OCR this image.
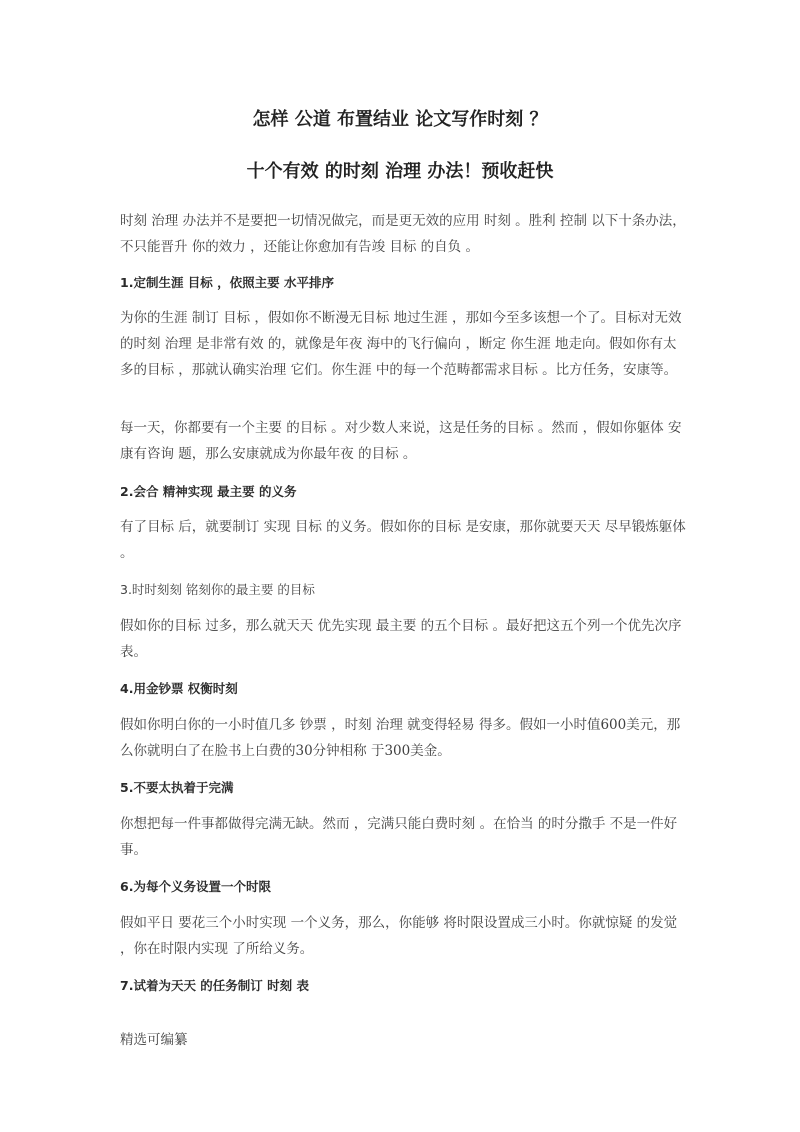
怎样 公道 布置结业 论文写作时刻 ？
十个有效 的时刻 治理 办法！预收赶快
时刻 治理 办法并不是要把一切情况做完，而是更无效的应用 时刻 。胜利 控制 以下十条办法，不只能晋升 你的效力 ，还能让你愈加有告竣 目标 的自负 。
1.定制生涯 目标 ，依照主要 水平排序
为你的生涯 制订 目标 ，假如你不断漫无目标 地过生涯 ，那如今至多该想一个了。目标对无效的时刻 治理 是非常有效 的，就像是年夜 海中的飞行偏向 ，断定 你生涯 地走向。假如你有太多的目标 ，那就认确实治理 它们。你生涯 中的每一个范畴都需求目标 。比方任务，安康等。
每一天，你都要有一个主要 的目标 。对少数人来说，这是任务的目标 。然而 ，假如你躯体 安康有咨询 题，那么安康就成为你最年夜 的目标 。
2.会合 精神实现 最主要 的义务
有了目标 后，就要制订 实现 目标 的义务。假如你的目标 是安康，那你就要天天 尽早锻炼躯体 。
3.时时刻刻 铭刻你的最主要 的目标
假如你的目标 过多，那么就天天 优先实现 最主要 的五个目标 。最好把这五个列一个优先次序 表。
4.用金钞票 权衡时刻
假如你明白你的一小时值几多 钞票 ，时刻 治理 就变得轻易 得多。假如一小时值600美元，那么你就明白了在脸书上白费的30分钟相称 于300美金。
5.不要太执着于完满
你想把每一件事都做得完满无缺。然而 ，完满只能白费时刻 。在恰当 的时分撒手 不是一件好事。
6.为每个义务设置一个时限
假如平日 要花三个小时实现 一个义务，那么，你能够 将时限设置成三小时。你就惊疑 的发觉 ，你在时限内实现 了所给义务。
7.试着为天天 的任务制订 时刻 表
精选可编纂
